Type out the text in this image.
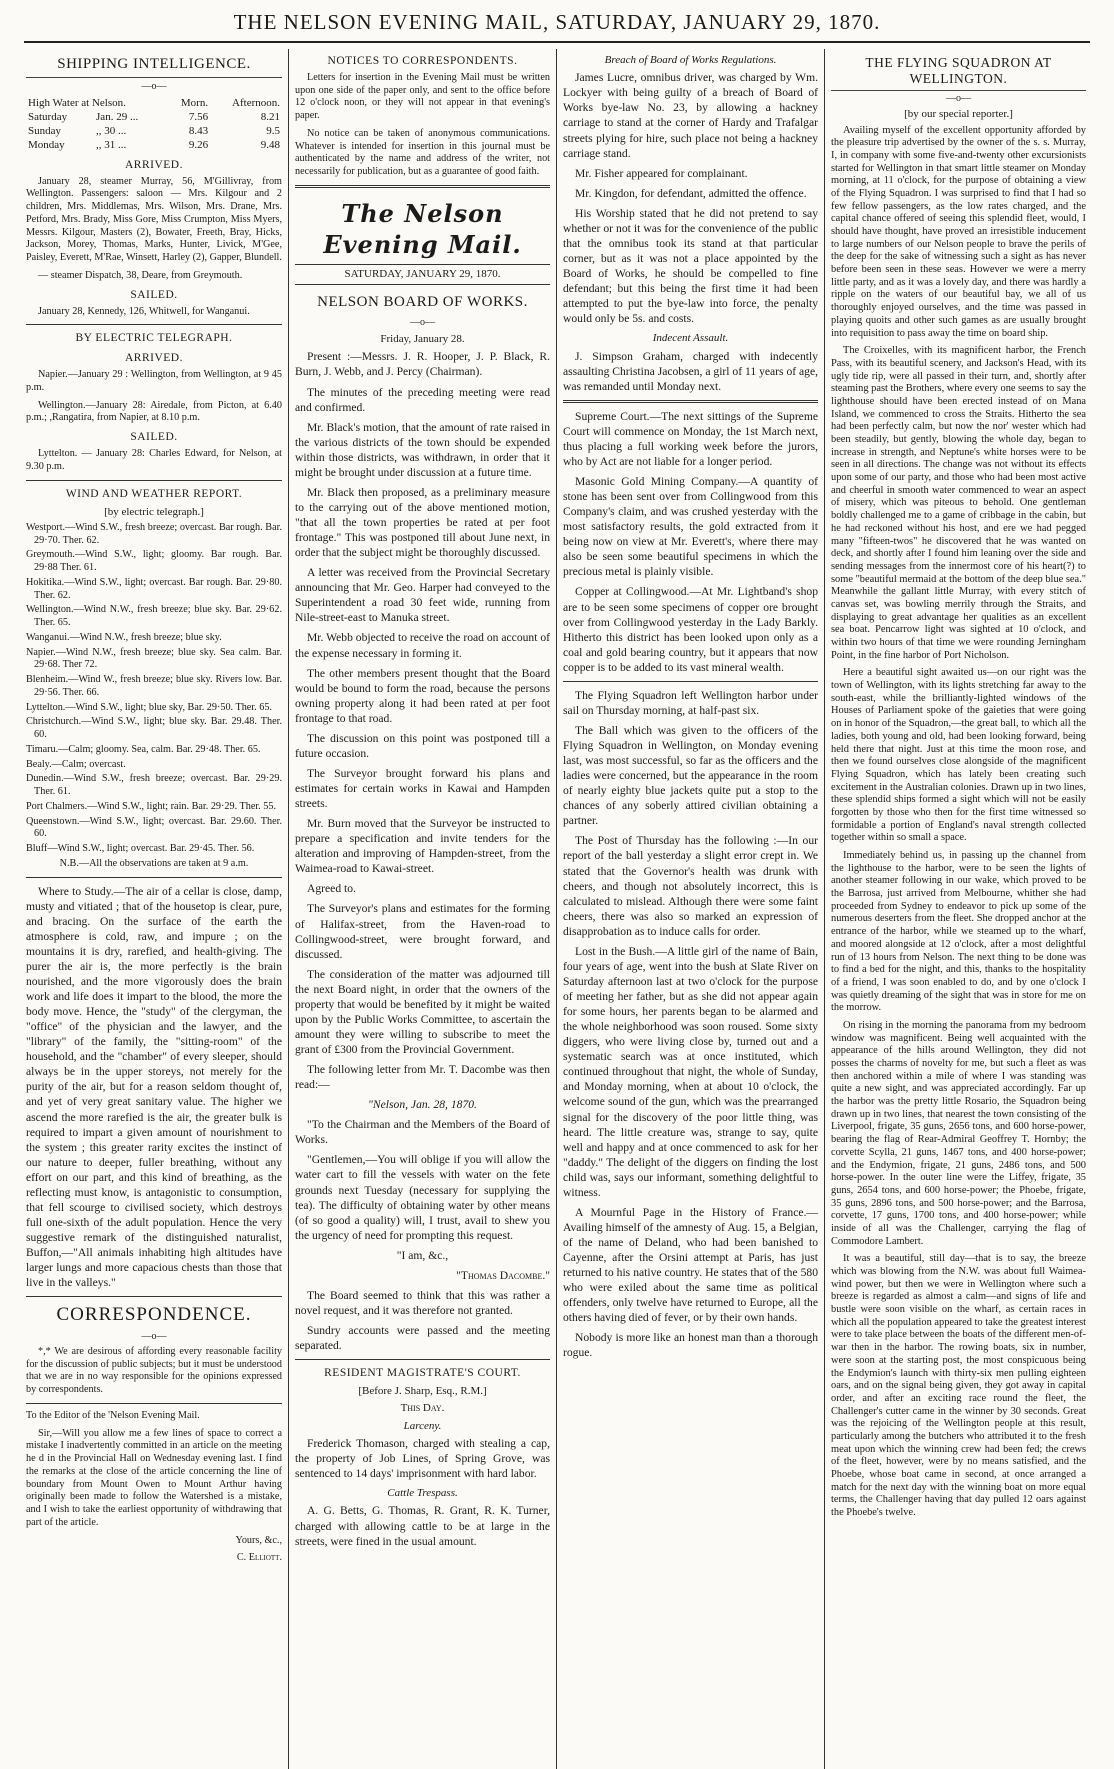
THE NELSON EVENING MAIL, SATURDAY, JANUARY 29, 1870.
SHIPPING INTELLIGENCE.
—o—
High Water at Nelson.		Morn.	Afternoon.
Saturday	Jan. 29 ...	7.56	8.21
Sunday	,, 30 ...	8.43	9.5
Monday	,, 31 ...	9.26	9.48
ARRIVED.

January 28, steamer Murray, 56, M'Gillivray, from Wellington. Passengers: saloon — Mrs. Kilgour and 2 children, Mrs. Middlemas, Mrs. Wilson, Mrs. Drane, Mrs. Petford, Mrs. Brady, Miss Gore, Miss Crumpton, Miss Myers, Messrs. Kilgour, Masters (2), Bowater, Freeth, Bray, Hicks, Jackson, Morey, Thomas, Marks, Hunter, Livick, M'Gee, Paisley, Everett, M'Rae, Winsett, Harley (2), Gapper, Blundell.

— steamer Dispatch, 38, Deare, from Greymouth.

SAILED.

January 28, Kennedy, 126, Whitwell, for Wanganui.

BY ELECTRIC TELEGRAPH.
ARRIVED.

Napier.—January 29 : Wellington, from Wellington, at 9 45 p.m.

Wellington.—January 28: Airedale, from Picton, at 6.40 p.m.; ,Rangatira, from Napier, at 8.10 p.m.

SAILED.

Lyttelton. — January 28: Charles Edward, for Nelson, at 9.30 p.m.

WIND AND WEATHER REPORT.
[by electric telegraph.]

Westport.—Wind S.W., fresh breeze; overcast. Bar rough. Bar. 29·70. Ther. 62.

Greymouth.—Wind S.W., light; gloomy. Bar rough. Bar. 29·88 Ther. 61.

Hokitika.—Wind S.W., light; overcast. Bar rough. Bar. 29·80. Ther. 62.

Wellington.—Wind N.W., fresh breeze; blue sky. Bar. 29·62. Ther. 65.

Wanganui.—Wind N.W., fresh breeze; blue sky.

Napier.—Wind N.W., fresh breeze; blue sky. Sea calm. Bar. 29·68. Ther 72.

Blenheim.—Wind W., fresh breeze; blue sky. Rivers low. Bar. 29·56. Ther. 66.

Lyttelton.—Wind S.W., light; blue sky, Bar. 29·50. Ther. 65.

Christchurch.—Wind S.W., light; blue sky. Bar. 29.48. Ther. 60.

Timaru.—Calm; gloomy. Sea, calm. Bar. 29·48. Ther. 65.

Bealy.—Calm; overcast.

Dunedin.—Wind S.W., fresh breeze; overcast. Bar. 29·29. Ther. 61.

Port Chalmers.—Wind S.W., light; rain. Bar. 29·29. Ther. 55.

Queenstown.—Wind S.W., light; overcast. Bar. 29.60. Ther. 60.

Bluff—Wind S.W., light; overcast. Bar. 29·45. Ther. 56.

N.B.—All the observations are taken at 9 a.m.

Where to Study.—The air of a cellar is close, damp, musty and vitiated ; that of the housetop is clear, pure, and bracing. On the surface of the earth the atmosphere is cold, raw, and impure ; on the mountains it is dry, rarefied, and health-giving. The purer the air is, the more perfectly is the brain nourished, and the more vigorously does the brain work and life does it impart to the blood, the more the body move. Hence, the "study" of the clergyman, the "office" of the physician and the lawyer, and the "library" of the family, the "sitting-room" of the household, and the "chamber" of every sleeper, should always be in the upper storeys, not merely for the purity of the air, but for a reason seldom thought of, and yet of very great sanitary value. The higher we ascend the more rarefied is the air, the greater bulk is required to impart a given amount of nourishment to the system ; this greater rarity excites the instinct of our nature to deeper, fuller breathing, without any effort on our part, and this kind of breathing, as the reflecting must know, is antagonistic to consumption, that fell scourge to civilised society, which destroys full one-sixth of the adult population. Hence the very suggestive remark of the distinguished naturalist, Buffon,—"All animals inhabiting high altitudes have larger lungs and more capacious chests than those that live in the valleys."

CORRESPONDENCE.
—o—

*,* We are desirous of affording every reasonable facility for the discussion of public subjects; but it must be understood that we are in no way responsible for the opinions expressed by correspondents.

To the Editor of the 'Nelson Evening Mail.

Sir,—Will you allow me a few lines of space to correct a mistake I inadvertently committed in an article on the meeting he d in the Provincial Hall on Wednesday evening last. I find the remarks at the close of the article concerning the line of boundary from Mount Owen to Mount Arthur having originally been made to follow the Watershed is a mistake, and I wish to take the earliest opportunity of withdrawing that part of the article.

Yours, &c.,

C. Elliott.

NOTICES TO CORRESPONDENTS.

Letters for insertion in the Evening Mail must be written upon one side of the paper only, and sent to the office before 12 o'clock noon, or they will not appear in that evening's paper.

No notice can be taken of anonymous communications. Whatever is intended for insertion in this journal must be authenticated by the name and address of the writer, not necessarily for publication, but as a guarantee of good faith.

The Nelson Evening Mail.
SATURDAY, JANUARY 29, 1870.
NELSON BOARD OF WORKS.
—o—
Friday, January 28.

Present :—Messrs. J. R. Hooper, J. P. Black, R. Burn, J. Webb, and J. Percy (Chairman).

The minutes of the preceding meeting were read and confirmed.

Mr. Black's motion, that the amount of rate raised in the various districts of the town should be expended within those districts, was withdrawn, in order that it might be brought under discussion at a future time.

Mr. Black then proposed, as a preliminary measure to the carrying out of the above mentioned motion, "that all the town properties be rated at per foot frontage." This was postponed till about June next, in order that the subject might be thoroughly discussed.

A letter was received from the Provincial Secretary announcing that Mr. Geo. Harper had conveyed to the Superintendent a road 30 feet wide, running from Nile-street-east to Manuka street.

Mr. Webb objected to receive the road on account of the expense necessary in forming it.

The other members present thought that the Board would be bound to form the road, because the persons owning property along it had been rated at per foot frontage to that road.

The discussion on this point was postponed till a future occasion.

The Surveyor brought forward his plans and estimates for certain works in Kawai and Hampden streets.

Mr. Burn moved that the Surveyor be instructed to prepare a specification and invite tenders for the alteration and improving of Hampden-street, from the Waimea-road to Kawai-street.

Agreed to.

The Surveyor's plans and estimates for the forming of Halifax-street, from the Haven-road to Collingwood-street, were brought forward, and discussed.

The consideration of the matter was adjourned till the next Board night, in order that the owners of the property that would be benefited by it might be waited upon by the Public Works Committee, to ascertain the amount they were willing to subscribe to meet the grant of £300 from the Provincial Government.

The following letter from Mr. T. Dacombe was then read:—

"Nelson, Jan. 28, 1870.

"To the Chairman and the Members of the Board of Works.

"Gentlemen,—You will oblige if you will allow the water cart to fill the vessels with water on the fete grounds next Tuesday (necessary for supplying the tea). The difficulty of obtaining water by other means (of so good a quality) will, I trust, avail to shew you the urgency of need for prompting this request.

"I am, &c.,

"Thomas Dacombe."

The Board seemed to think that this was rather a novel request, and it was therefore not granted.

Sundry accounts were passed and the meeting separated.

RESIDENT MAGISTRATE'S COURT.
[Before J. Sharp, Esq., R.M.]
This Day.
Larceny.

Frederick Thomason, charged with stealing a cap, the property of Job Lines, of Spring Grove, was sentenced to 14 days' imprisonment with hard labor.

Cattle Trespass.

A. G. Betts, G. Thomas, R. Grant, R. K. Turner, charged with allowing cattle to be at large in the streets, were fined in the usual amount.

Breach of Board of Works Regulations.

James Lucre, omnibus driver, was charged by Wm. Lockyer with being guilty of a breach of Board of Works bye-law No. 23, by allowing a hackney carriage to stand at the corner of Hardy and Trafalgar streets plying for hire, such place not being a hackney carriage stand.

Mr. Fisher appeared for complainant.

Mr. Kingdon, for defendant, admitted the offence.

His Worship stated that he did not pretend to say whether or not it was for the convenience of the public that the omnibus took its stand at that particular corner, but as it was not a place appointed by the Board of Works, he should be compelled to fine defendant; but this being the first time it had been attempted to put the bye-law into force, the penalty would only be 5s. and costs.

Indecent Assault.

J. Simpson Graham, charged with indecently assaulting Christina Jacobsen, a girl of 11 years of age, was remanded until Monday next.

Supreme Court.—The next sittings of the Supreme Court will commence on Monday, the 1st March next, thus placing a full working week before the jurors, who by Act are not liable for a longer period.

Masonic Gold Mining Company.—A quantity of stone has been sent over from Collingwood from this Company's claim, and was crushed yesterday with the most satisfactory results, the gold extracted from it being now on view at Mr. Everett's, where there may also be seen some beautiful specimens in which the precious metal is plainly visible.

Copper at Collingwood.—At Mr. Lightband's shop are to be seen some specimens of copper ore brought over from Collingwood yesterday in the Lady Barkly. Hitherto this district has been looked upon only as a coal and gold bearing country, but it appears that now copper is to be added to its vast mineral wealth.

The Flying Squadron left Wellington harbor under sail on Thursday morning, at half-past six.

The Ball which was given to the officers of the Flying Squadron in Wellington, on Monday evening last, was most successful, so far as the officers and the ladies were concerned, but the appearance in the room of nearly eighty blue jackets quite put a stop to the chances of any soberly attired civilian obtaining a partner.

The Post of Thursday has the following :—In our report of the ball yesterday a slight error crept in. We stated that the Governor's health was drunk with cheers, and though not absolutely incorrect, this is calculated to mislead. Although there were some faint cheers, there was also so marked an expression of disapprobation as to induce calls for order.

Lost in the Bush.—A little girl of the name of Bain, four years of age, went into the bush at Slate River on Saturday afternoon last at two o'clock for the purpose of meeting her father, but as she did not appear again for some hours, her parents began to be alarmed and the whole neighborhood was soon roused. Some sixty diggers, who were living close by, turned out and a systematic search was at once instituted, which continued throughout that night, the whole of Sunday, and Monday morning, when at about 10 o'clock, the welcome sound of the gun, which was the prearranged signal for the discovery of the poor little thing, was heard. The little creature was, strange to say, quite well and happy and at once commenced to ask for her "daddy." The delight of the diggers on finding the lost child was, says our informant, something delightful to witness.

A Mournful Page in the History of France.—Availing himself of the amnesty of Aug. 15, a Belgian, of the name of Deland, who had been banished to Cayenne, after the Orsini attempt at Paris, has just returned to his native country. He states that of the 580 who were exiled about the same time as political offenders, only twelve have returned to Europe, all the others having died of fever, or by their own hands.

Nobody is more like an honest man than a thorough rogue.

THE FLYING SQUADRON AT WELLINGTON.
—o—
[by our special reporter.]

Availing myself of the excellent opportunity afforded by the pleasure trip advertised by the owner of the s. s. Murray, I, in company with some five-and-twenty other excursionists started for Wellington in that smart little steamer on Monday morning, at 11 o'clock, for the purpose of obtaining a view of the Flying Squadron. I was surprised to find that I had so few fellow passengers, as the low rates charged, and the capital chance offered of seeing this splendid fleet, would, I should have thought, have proved an irresistible inducement to large numbers of our Nelson people to brave the perils of the deep for the sake of witnessing such a sight as has never before been seen in these seas. However we were a merry little party, and as it was a lovely day, and there was hardly a ripple on the waters of our beautiful bay, we all of us thoroughly enjoyed ourselves, and the time was passed in playing quoits and other such games as are usually brought into requisition to pass away the time on board ship.

The Croixelles, with its magnificent harbor, the French Pass, with its beautiful scenery, and Jackson's Head, with its ugly tide rip, were all passed in their turn, and, shortly after steaming past the Brothers, where every one seems to say the lighthouse should have been erected instead of on Mana Island, we commenced to cross the Straits. Hitherto the sea had been perfectly calm, but now the nor' wester which had been steadily, but gently, blowing the whole day, began to increase in strength, and Neptune's white horses were to be seen in all directions. The change was not without its effects upon some of our party, and those who had been most active and cheerful in smooth water commenced to wear an aspect of misery, which was piteous to behold. One gentleman boldly challenged me to a game of cribbage in the cabin, but he had reckoned without his host, and ere we had pegged many "fifteen-twos" he discovered that he was wanted on deck, and shortly after I found him leaning over the side and sending messages from the innermost core of his heart(?) to some "beautiful mermaid at the bottom of the deep blue sea." Meanwhile the gallant little Murray, with every stitch of canvas set, was bowling merrily through the Straits, and displaying to great advantage her qualities as an excellent sea boat. Pencarrow light was sighted at 10 o'clock, and within two hours of that time we were rounding Jerningham Point, in the fine harbor of Port Nicholson.

Here a beautiful sight awaited us—on our right was the town of Wellington, with its lights stretching far away to the south-east, while the brilliantly-lighted windows of the Houses of Parliament spoke of the gaieties that were going on in honor of the Squadron,—the great ball, to which all the ladies, both young and old, had been looking forward, being held there that night. Just at this time the moon rose, and then we found ourselves close alongside of the magnificent Flying Squadron, which has lately been creating such excitement in the Australian colonies. Drawn up in two lines, these splendid ships formed a sight which will not be easily forgotten by those who then for the first time witnessed so formidable a portion of England's naval strength collected together within so small a space.

Immediately behind us, in passing up the channel from the lighthouse to the harbor, were to be seen the lights of another steamer following in our wake, which proved to be the Barrosa, just arrived from Melbourne, whither she had proceeded from Sydney to endeavor to pick up some of the numerous deserters from the fleet. She dropped anchor at the entrance of the harbor, while we steamed up to the wharf, and moored alongside at 12 o'clock, after a most delightful run of 13 hours from Nelson. The next thing to be done was to find a bed for the night, and this, thanks to the hospitality of a friend, I was soon enabled to do, and by one o'clock I was quietly dreaming of the sight that was in store for me on the morrow.

On rising in the morning the panorama from my bedroom window was magnificent. Being well acquainted with the appearance of the hills around Wellington, they did not posses the charms of novelty for me, but such a fleet as was then anchored within a mile of where I was standing was quite a new sight, and was appreciated accordingly. Far up the harbor was the pretty little Rosario, the Squadron being drawn up in two lines, that nearest the town consisting of the Liverpool, frigate, 35 guns, 2656 tons, and 600 horse-power, bearing the flag of Rear-Admiral Geoffrey T. Hornby; the corvette Scylla, 21 guns, 1467 tons, and 400 horse-power; and the Endymion, frigate, 21 guns, 2486 tons, and 500 horse-power. In the outer line were the Liffey, frigate, 35 guns, 2654 tons, and 600 horse-power; the Phoebe, frigate, 35 guns, 2896 tons, and 500 horse-power; and the Barrosa, corvette, 17 guns, 1700 tons, and 400 horse-power; while inside of all was the Challenger, carrying the flag of Commodore Lambert.

It was a beautiful, still day—that is to say, the breeze which was blowing from the N.W. was about full Waimea-wind power, but then we were in Wellington where such a breeze is regarded as almost a calm—and signs of life and bustle were soon visible on the wharf, as certain races in which all the population appeared to take the greatest interest were to take place between the boats of the different men-of-war then in the harbor. The rowing boats, six in number, were soon at the starting post, the most conspicuous being the Endymion's launch with thirty-six men pulling eighteen oars, and on the signal being given, they got away in capital order, and after an exciting race round the fleet, the Challenger's cutter came in the winner by 30 seconds. Great was the rejoicing of the Wellington people at this result, particularly among the butchers who attributed it to the fresh meat upon which the winning crew had been fed; the crews of the fleet, however, were by no means satisfied, and the Phoebe, whose boat came in second, at once arranged a match for the next day with the winning boat on more equal terms, the Challenger having that day pulled 12 oars against the Phoebe's twelve.
